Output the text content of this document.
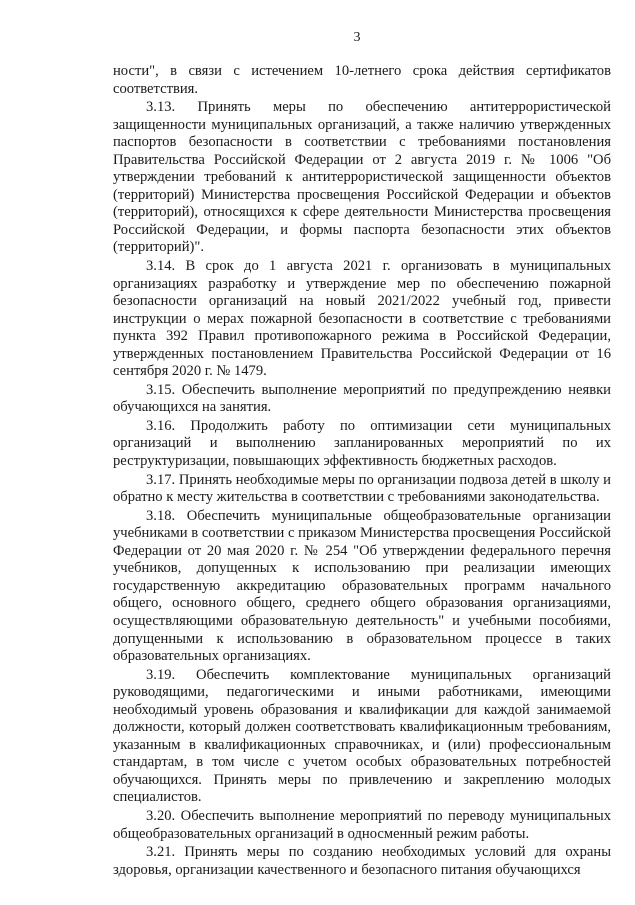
3

ности", в связи с истечением 10-летнего срока действия сертификатов соответствия.

3.13. Принять меры по обеспечению антитеррористической защищенности муниципальных организаций, а также наличию утвержденных паспортов безопасности в соответствии с требованиями постановления Правительства Российской Федерации от 2 августа 2019 г. № 1006 "Об утверждении требований к антитеррористической защищенности объектов (территорий) Министерства просвещения Российской Федерации и объектов (территорий), относящихся к сфере деятельности Министерства просвещения Российской Федерации, и формы паспорта безопасности этих объектов (территорий)".

3.14. В срок до 1 августа 2021 г. организовать в муниципальных организациях разработку и утверждение мер по обеспечению пожарной безопасности организаций на новый 2021/2022 учебный год, привести инструкции о мерах пожарной безопасности в соответствие с требованиями пункта 392 Правил противопожарного режима в Российской Федерации, утвержденных постановлением Правительства Российской Федерации от 16 сентября 2020 г. № 1479.

3.15. Обеспечить выполнение мероприятий по предупреждению неявки обучающихся на занятия.

3.16. Продолжить работу по оптимизации сети муниципальных организаций и выполнению запланированных мероприятий по их реструктуризации, повышающих эффективность бюджетных расходов.

3.17. Принять необходимые меры по организации подвоза детей в школу и обратно к месту жительства в соответствии с требованиями законодательства.

3.18. Обеспечить муниципальные общеобразовательные организации учебниками в соответствии с приказом Министерства просвещения Российской Федерации от 20 мая 2020 г. № 254 "Об утверждении федерального перечня учебников, допущенных к использованию при реализации имеющих государственную аккредитацию образовательных программ начального общего, основного общего, среднего общего образования организациями, осуществляющими образовательную деятельность" и учебными пособиями, допущенными к использованию в образовательном процессе в таких образовательных организациях.

3.19. Обеспечить комплектование муниципальных организаций руководящими, педагогическими и иными работниками, имеющими необходимый уровень образования и квалификации для каждой занимаемой должности, который должен соответствовать квалификационным требованиям, указанным в квалификационных справочниках, и (или) профессиональным стандартам, в том числе с учетом особых образовательных потребностей обучающихся. Принять меры по привлечению и закреплению молодых специалистов.

3.20. Обеспечить выполнение мероприятий по переводу муниципальных общеобразовательных организаций в односменный режим работы.

3.21. Принять меры по созданию необходимых условий для охраны здоровья, организации качественного и безопасного питания обучающихся
